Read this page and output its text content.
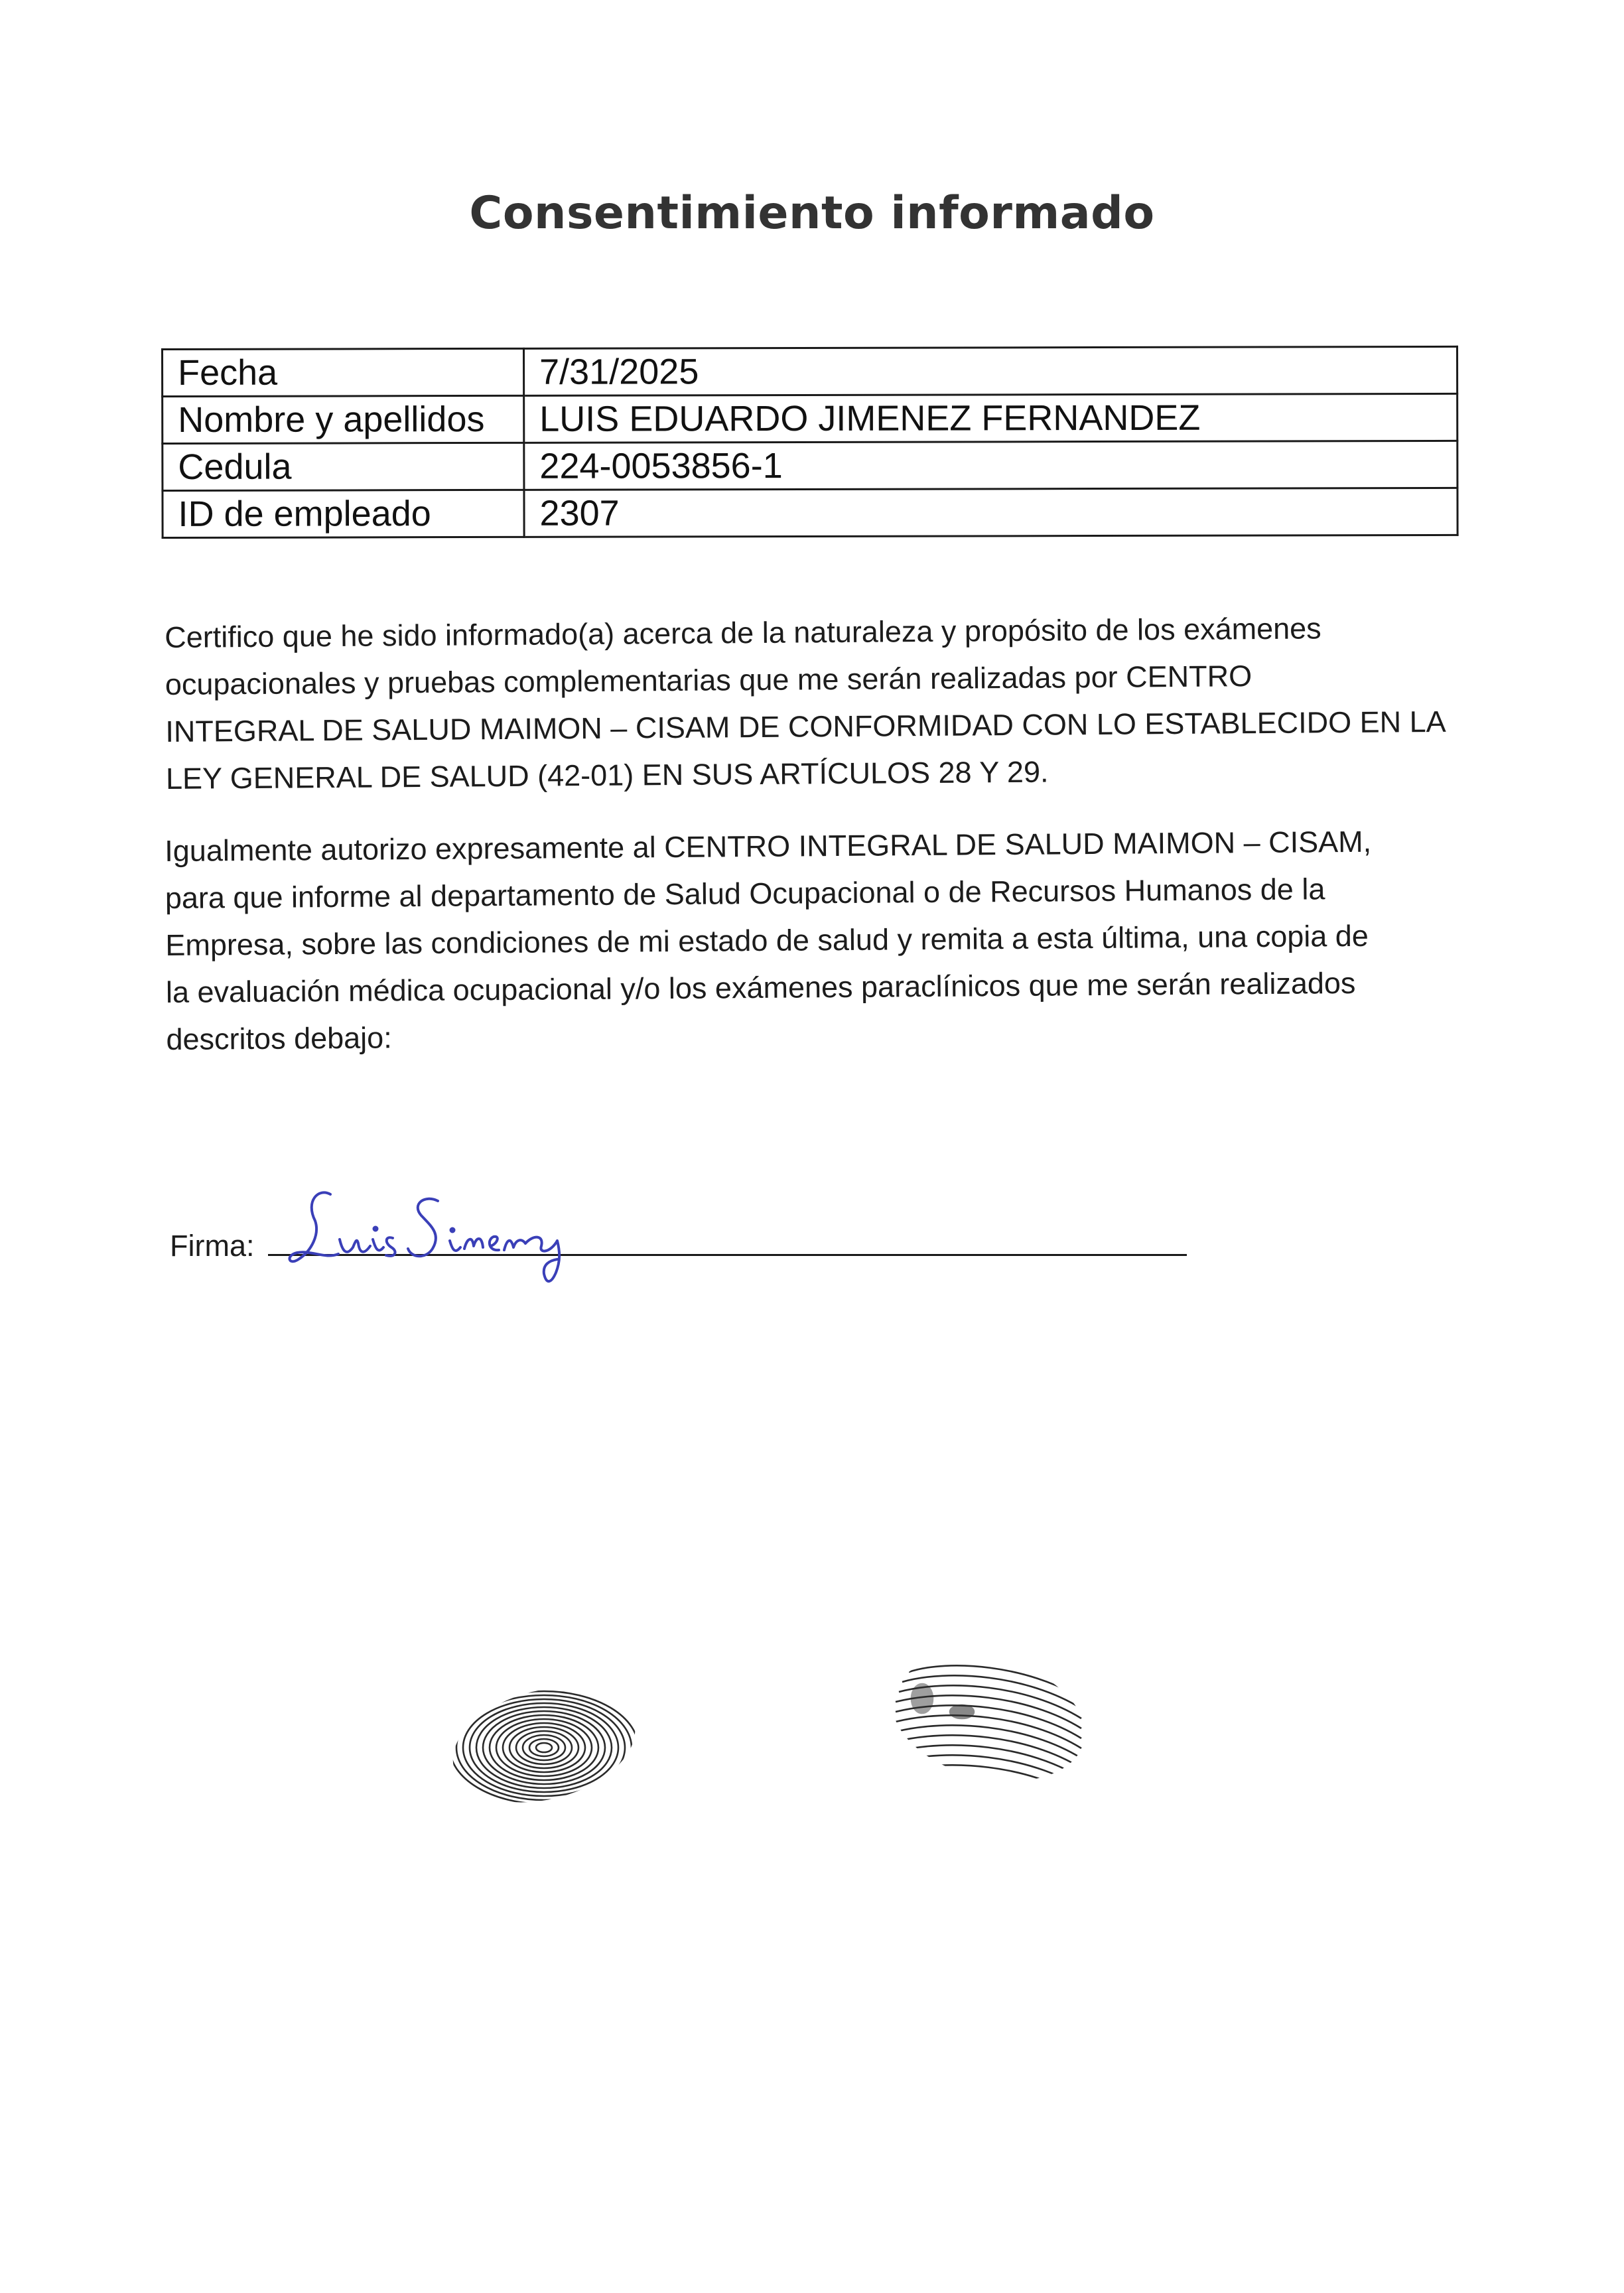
Consentimiento informado
Fecha	7/31/2025
Nombre y apellidos	LUIS EDUARDO JIMENEZ FERNANDEZ
Cedula	224-0053856-1
ID de empleado	2307
Certifico que he sido informado(a) acerca de la naturaleza y propósito de los exámenes
ocupacionales y pruebas complementarias que me serán realizadas por CENTRO
INTEGRAL DE SALUD MAIMON – CISAM DE CONFORMIDAD CON LO ESTABLECIDO EN LA
LEY GENERAL DE SALUD (42-01) EN SUS ARTÍCULOS 28 Y 29.
Igualmente autorizo expresamente al CENTRO INTEGRAL DE SALUD MAIMON – CISAM,
para que informe al departamento de Salud Ocupacional o de Recursos Humanos de la
Empresa, sobre las condiciones de mi estado de salud y remita a esta última, una copia de
la evaluación médica ocupacional y/o los exámenes paraclínicos que me serán realizados
descritos debajo:
Firma:
